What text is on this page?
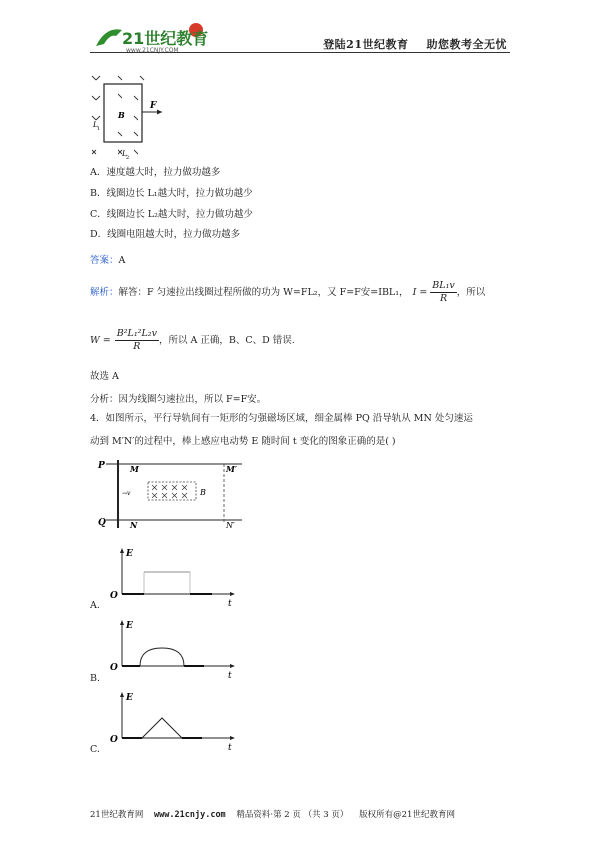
21世纪教育
www.21CNJY.COM	登陆21世纪教育 助您教考全无忧
F
B
L 1
L 2
A．速度越大时，拉力做功越多
B．线圈边长 L₁越大时，拉力做功越少
C．线圈边长 L₂越大时，拉力做功越少
D．线圈电阻越大时，拉力做功越多
答案：A
解析： 解答：F 匀速拉出线圈过程所做的功为 W=FL₂，又 F=F安=IBL₁， $I = \frac{\text{BL₁v}}{R}$ ，所以
$W = \frac{\text{B²L₁²L₂v}}{R}$ ，所以 A 正确，B、C、D 错误.
故选 A
分析：因为线圈匀速拉出，所以 F=F安。
4．如图所示，平行导轨间有一矩形的匀强磁场区域，细金属棒 PQ 沿导轨从 MN 处匀速运
动到 M′N′的过程中，棒上感应电动势 E 随时间 t 变化的图象正确的是( )
P
Q
M
N
M′
N′
B
→v
E
O
t
A.
E
O
t
B.
E
O
t
C.
21世纪教育网 www.21cnjy.com 精品资料·第 2 页 （共 3 页） 版权所有@21世纪教育网
